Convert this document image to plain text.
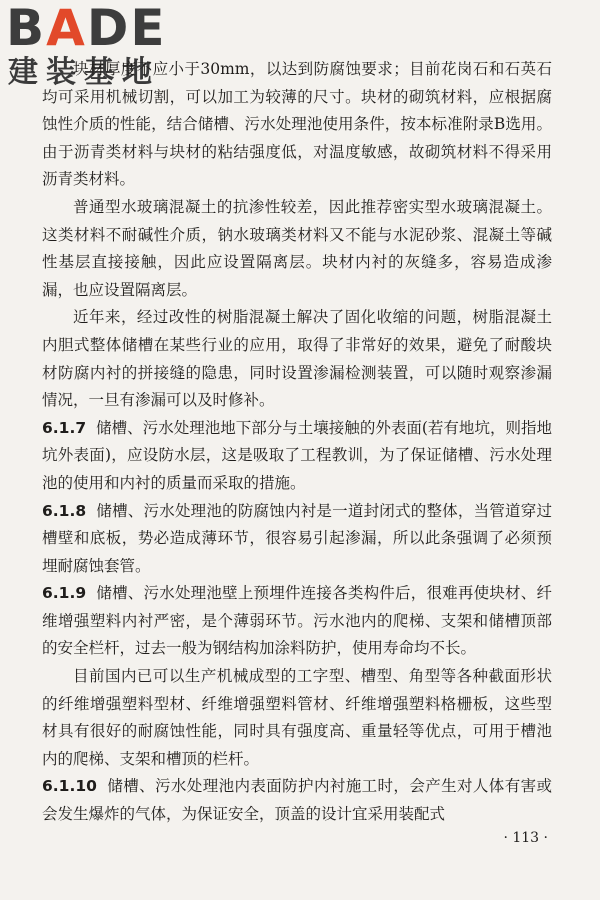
BADE
建装基地

块材厚度不应小于30mm，以达到防腐蚀要求；目前花岗石和石英石均可采用机械切割，可以加工为较薄的尺寸。块材的砌筑材料，应根据腐蚀性介质的性能，结合储槽、污水处理池使用条件，按本标准附录B选用。由于沥青类材料与块材的粘结强度低，对温度敏感，故砌筑材料不得采用沥青类材料。

普通型水玻璃混凝土的抗渗性较差，因此推荐密实型水玻璃混凝土。这类材料不耐碱性介质，钠水玻璃类材料又不能与水泥砂浆、混凝土等碱性基层直接接触，因此应设置隔离层。块材内衬的灰缝多，容易造成渗漏，也应设置隔离层。

近年来，经过改性的树脂混凝土解决了固化收缩的问题，树脂混凝土内胆式整体储槽在某些行业的应用，取得了非常好的效果，避免了耐酸块材防腐内衬的拼接缝的隐患，同时设置渗漏检测装置，可以随时观察渗漏情况，一旦有渗漏可以及时修补。

6.1.7 储槽、污水处理池地下部分与土壤接触的外表面(若有地坑，则指地坑外表面)，应设防水层，这是吸取了工程教训，为了保证储槽、污水处理池的使用和内衬的质量而采取的措施。

6.1.8 储槽、污水处理池的防腐蚀内衬是一道封闭式的整体，当管道穿过槽壁和底板，势必造成薄环节，很容易引起渗漏，所以此条强调了必须预埋耐腐蚀套管。

6.1.9 储槽、污水处理池壁上预埋件连接各类构件后，很难再使块材、纤维增强塑料内衬严密，是个薄弱环节。污水池内的爬梯、支架和储槽顶部的安全栏杆，过去一般为钢结构加涂料防护，使用寿命均不长。

目前国内已可以生产机械成型的工字型、槽型、角型等各种截面形状的纤维增强塑料型材、纤维增强塑料管材、纤维增强塑料格栅板，这些型材具有很好的耐腐蚀性能，同时具有强度高、重量轻等优点，可用于槽池内的爬梯、支架和槽顶的栏杆。

6.1.10 储槽、污水处理池内表面防护内衬施工时，会产生对人体有害或会发生爆炸的气体，为保证安全，顶盖的设计宜采用装配式

· 113 ·
